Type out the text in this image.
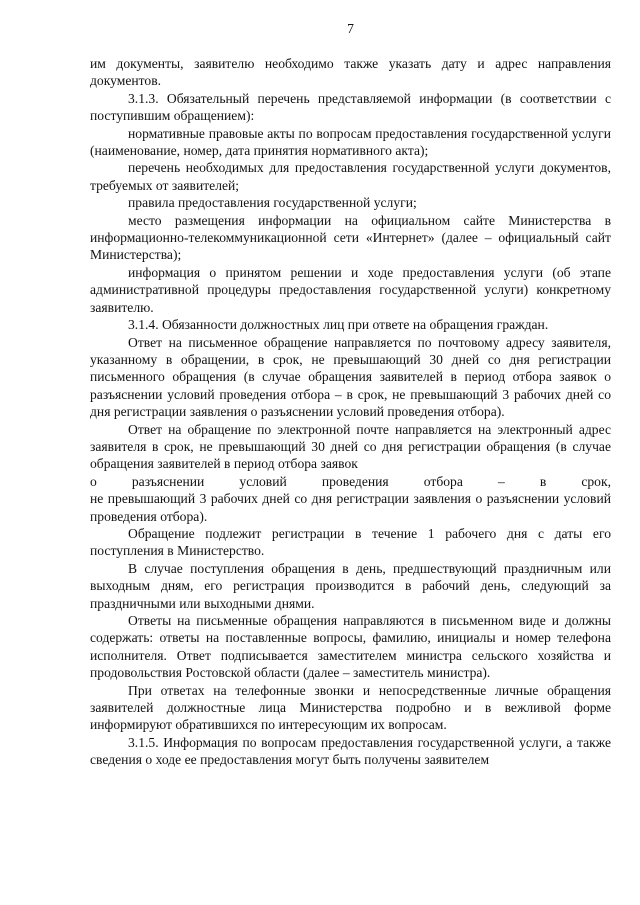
7

им документы, заявителю необходимо также указать дату и адрес направления документов.

3.1.3. Обязательный перечень представляемой информации (в соответствии с поступившим обращением):

нормативные правовые акты по вопросам предоставления государственной услуги (наименование, номер, дата принятия нормативного акта);

перечень необходимых для предоставления государственной услуги документов, требуемых от заявителей;

правила предоставления государственной услуги;

место размещения информации на официальном сайте Министерства в информационно-телекоммуникационной сети «Интернет» (далее – официальный сайт Министерства);

информация о принятом решении и ходе предоставления услуги (об этапе административной процедуры предоставления государственной услуги) конкретному заявителю.

3.1.4. Обязанности должностных лиц при ответе на обращения граждан.

Ответ на письменное обращение направляется по почтовому адресу заявителя, указанному в обращении, в срок, не превышающий 30 дней со дня регистрации письменного обращения (в случае обращения заявителей в период отбора заявок о разъяснении условий проведения отбора – в срок, не превышающий 3 рабочих дней со дня регистрации заявления о разъяснении условий проведения отбора).

Ответ на обращение по электронной почте направляется на электронный адрес заявителя в срок, не превышающий 30 дней со дня регистрации обращения (в случае обращения заявителей в период отбора заявок

о разъяснении условий проведения отбора – в срок,

не превышающий 3 рабочих дней со дня регистрации заявления о разъяснении условий проведения отбора).

Обращение подлежит регистрации в течение 1 рабочего дня с даты его поступления в Министерство.

В случае поступления обращения в день, предшествующий праздничным или выходным дням, его регистрация производится в рабочий день, следующий за праздничными или выходными днями.

Ответы на письменные обращения направляются в письменном виде и должны содержать: ответы на поставленные вопросы, фамилию, инициалы и номер телефона исполнителя. Ответ подписывается заместителем министра сельского хозяйства и продовольствия Ростовской области (далее – заместитель министра).

При ответах на телефонные звонки и непосредственные личные обращения заявителей должностные лица Министерства подробно и в вежливой форме информируют обратившихся по интересующим их вопросам.

3.1.5. Информация по вопросам предоставления государственной услуги, а также сведения о ходе ее предоставления могут быть получены заявителем
